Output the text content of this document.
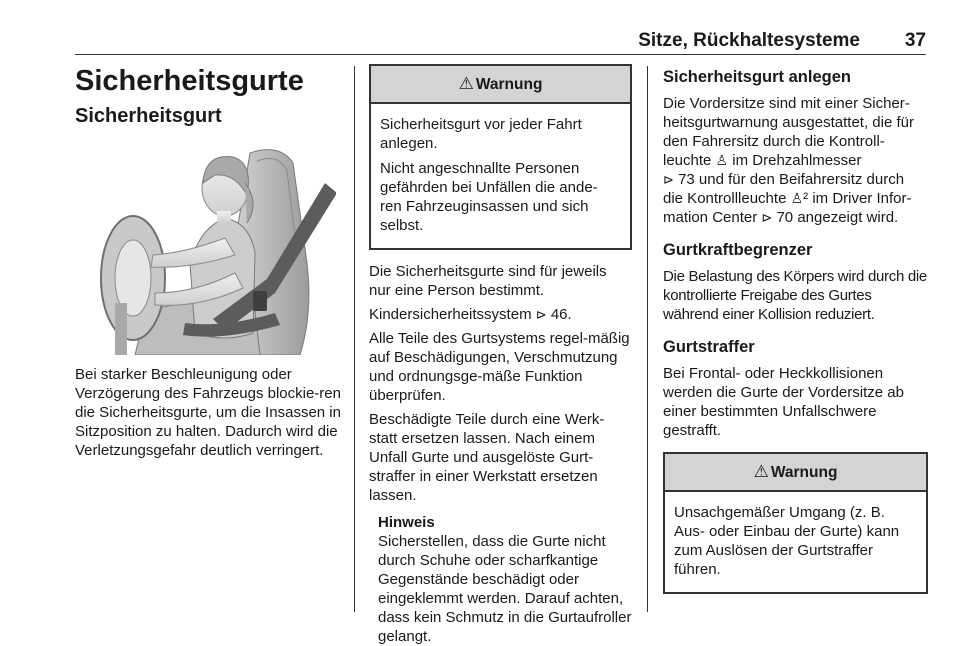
Sitze, Rückhaltesysteme 37
Sicherheitsgurte
Sicherheitsgurt

Bei starker Beschleunigung oder Verzögerung des Fahrzeugs blockie-ren die Sicherheitsgurte, um die Insassen in Sitzposition zu halten. Dadurch wird die Verletzungsgefahr deutlich verringert.

⚠ Warnung

Sicherheitsgurt vor jeder Fahrt anlegen.

Nicht angeschnallte Personen gefährden bei Unfällen die ande-ren Fahrzeuginsassen und sich selbst.

Die Sicherheitsgurte sind für jeweils nur eine Person bestimmt.

Kindersicherheitssystem ⊳ 46.

Alle Teile des Gurtsystems regel-mäßig auf Beschädigungen, Verschmutzung und ordnungsge-mäße Funktion überprüfen.

Beschädigte Teile durch eine Werk-statt ersetzen lassen. Nach einem Unfall Gurte und ausgelöste Gurt-straffer in einer Werkstatt ersetzen lassen.

Hinweis
Sicherstellen, dass die Gurte nicht durch Schuhe oder scharfkantige Gegenstände beschädigt oder eingeklemmt werden. Darauf achten, dass kein Schmutz in die Gurtaufroller gelangt.
Sicherheitsgurt anlegen

Die Vordersitze sind mit einer Sicher-heitsgurtwarnung ausgestattet, die für den Fahrersitz durch die Kontroll-leuchte ♙ im Drehzahlmesser
⊳ 73 und für den Beifahrersitz durch die Kontrollleuchte ♙² im Driver Infor-mation Center ⊳ 70 angezeigt wird.

Gurtkraftbegrenzer

Die Belastung des Körpers wird durch die kontrollierte Freigabe des Gurtes während einer Kollision reduziert.

Gurtstraffer

Bei Frontal- oder Heckkollisionen werden die Gurte der Vordersitze ab einer bestimmten Unfallschwere gestrafft.

⚠ Warnung

Unsachgemäßer Umgang (z. B. Aus- oder Einbau der Gurte) kann zum Auslösen der Gurtstraffer führen.
